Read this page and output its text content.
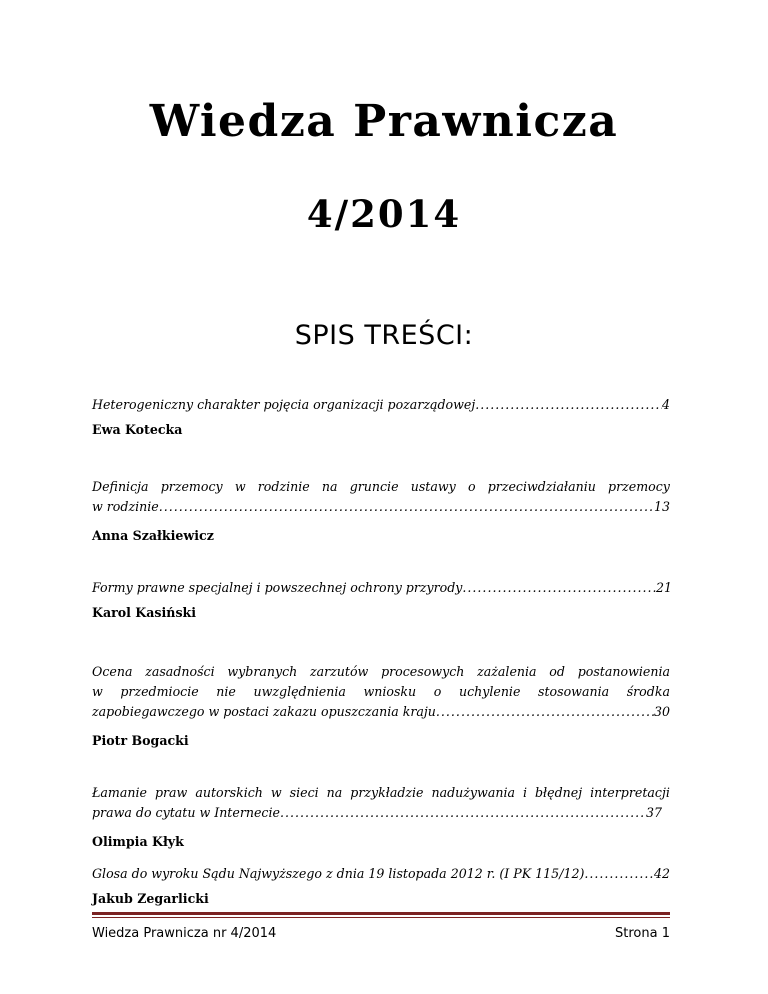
Wiedza Prawnicza
4/2014
SPIS TREŚCI:
Heterogeniczny charakter pojęcia organizacji pozarządowej .....	4
Ewa Kotecka
Definicja przemocy w rodzinie na gruncie ustawy o przeciwdziałaniu przemocy
w rodzinie .....	13
Anna Szałkiewicz
Formy prawne specjalnej i powszechnej ochrony przyrody .....	21
Karol Kasiński
Ocena zasadności wybranych zarzutów procesowych zażalenia od postanowienia
w przedmiocie nie uwzględnienia wniosku o uchylenie stosowania środka
zapobiegawczego w postaci zakazu opuszczania kraju .....	30
Piotr Bogacki
Łamanie praw autorskich w sieci na przykładzie nadużywania i błędnej interpretacji
prawa do cytatu w Internecie .....	37
Olimpia Kłyk
Glosa do wyroku Sądu Najwyższego z dnia 19 listopada 2012 r. (I PK 115/12) .....	42
Jakub Zegarlicki
Wiedza Prawnicza nr 4/2014	Strona 1
